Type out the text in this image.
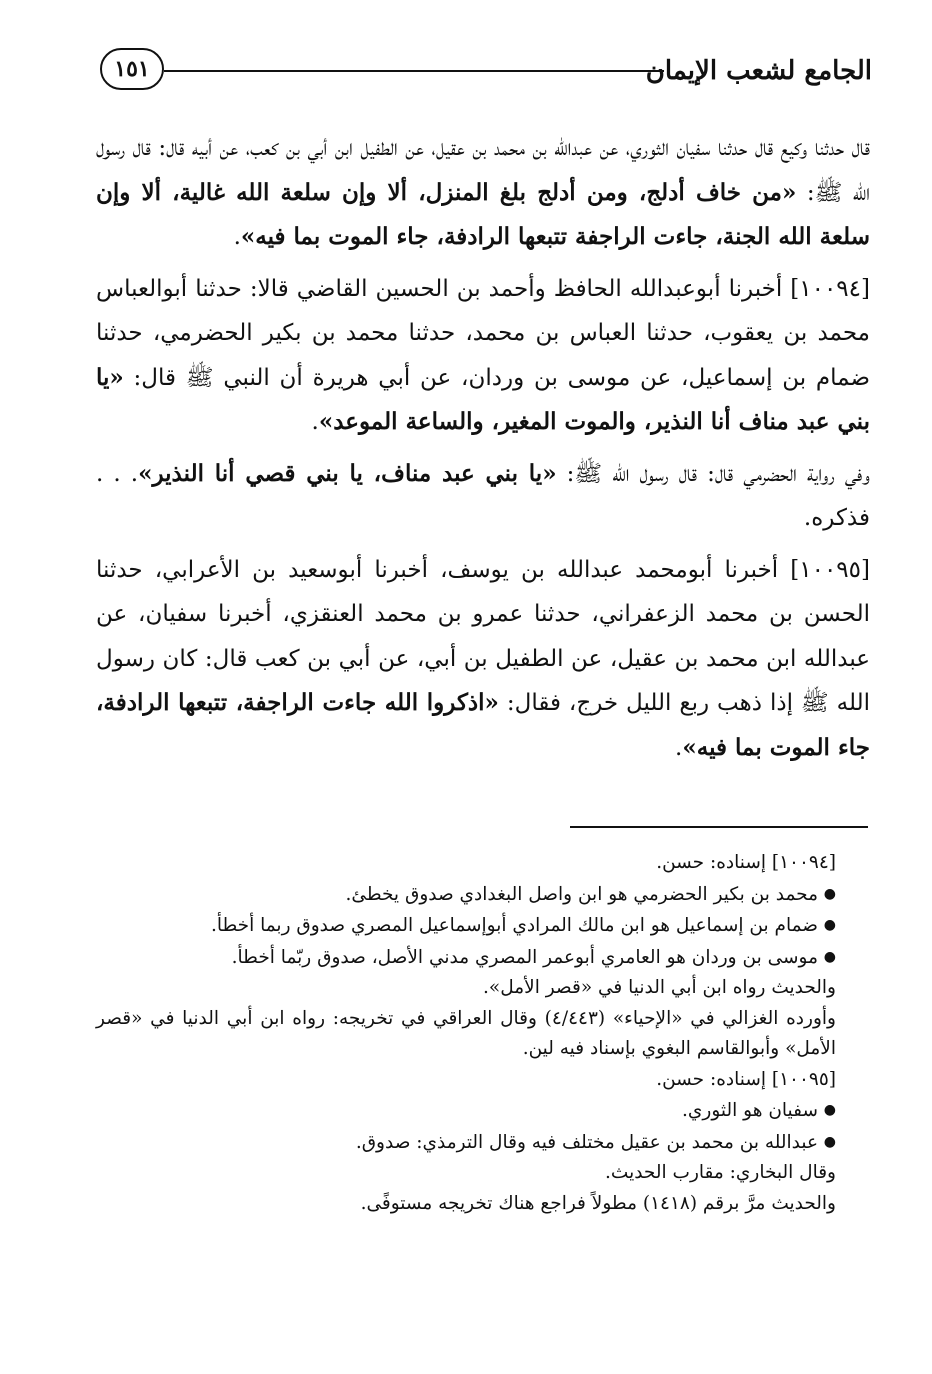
١٥١	الجامع لشعب الإيمان

قال حدثنا وكيع قال حدثنا سفيان الثوري، عن عبدالله بن محمد بن عقيل، عن الطفيل ابن أبي بن كعب، عن أبيه قال: قال رسول الله ﷺ: «من خاف أدلج، ومن أدلج بلغ المنزل، ألا وإن سلعة الله غالية، ألا وإن سلعة الله الجنة، جاءت الراجفة تتبعها الرادفة، جاء الموت بما فيه».

[١٠٠٩٤] أخبرنا أبوعبدالله الحافظ وأحمد بن الحسين القاضي قالا: حدثنا أبوالعباس محمد بن يعقوب، حدثنا العباس بن محمد، حدثنا محمد بن بكير الحضرمي، حدثنا ضمام بن إسماعيل، عن موسى بن وردان، عن أبي هريرة أن النبي ﷺ قال: «يا بني عبد مناف أنا النذير، والموت المغير، والساعة الموعد».

وفي رواية الحضرمي قال: قال رسول الله ﷺ: «يا بني عبد مناف، يا بني قصي أنا النذير». . . فذكره.

[١٠٠٩٥] أخبرنا أبومحمد عبدالله بن يوسف، أخبرنا أبوسعيد بن الأعرابي، حدثنا الحسن بن محمد الزعفراني، حدثنا عمرو بن محمد العنقزي، أخبرنا سفيان، عن عبدالله ابن محمد بن عقيل، عن الطفيل بن أبي، عن أبي بن كعب قال: كان رسول الله ﷺ إذا ذهب ربع الليل خرج، فقال: «اذكروا الله جاءت الراجفة، تتبعها الرادفة، جاء الموت بما فيه».

[١٠٠٩٤] إسناده: حسن.

●محمد بن بكير الحضرمي هو ابن واصل البغدادي صدوق يخطئ.

●ضمام بن إسماعيل هو ابن مالك المرادي أبوإسماعيل المصري صدوق ربما أخطأ.

●موسى بن وردان هو العامري أبوعمر المصري مدني الأصل، صدوق ربّما أخطأ.

والحديث رواه ابن أبي الدنيا في «قصر الأمل».

وأورده الغزالي في «الإحياء» (٤/٤٤٣) وقال العراقي في تخريجه: رواه ابن أبي الدنيا في «قصر الأمل» وأبوالقاسم البغوي بإسناد فيه لين.

[١٠٠٩٥] إسناده: حسن.

●سفيان هو الثوري.

●عبدالله بن محمد بن عقيل مختلف فيه وقال الترمذي: صدوق.

وقال البخاري: مقارب الحديث.

والحديث مرَّ برقم (١٤١٨) مطولاً فراجع هناك تخريجه مستوفًى.
